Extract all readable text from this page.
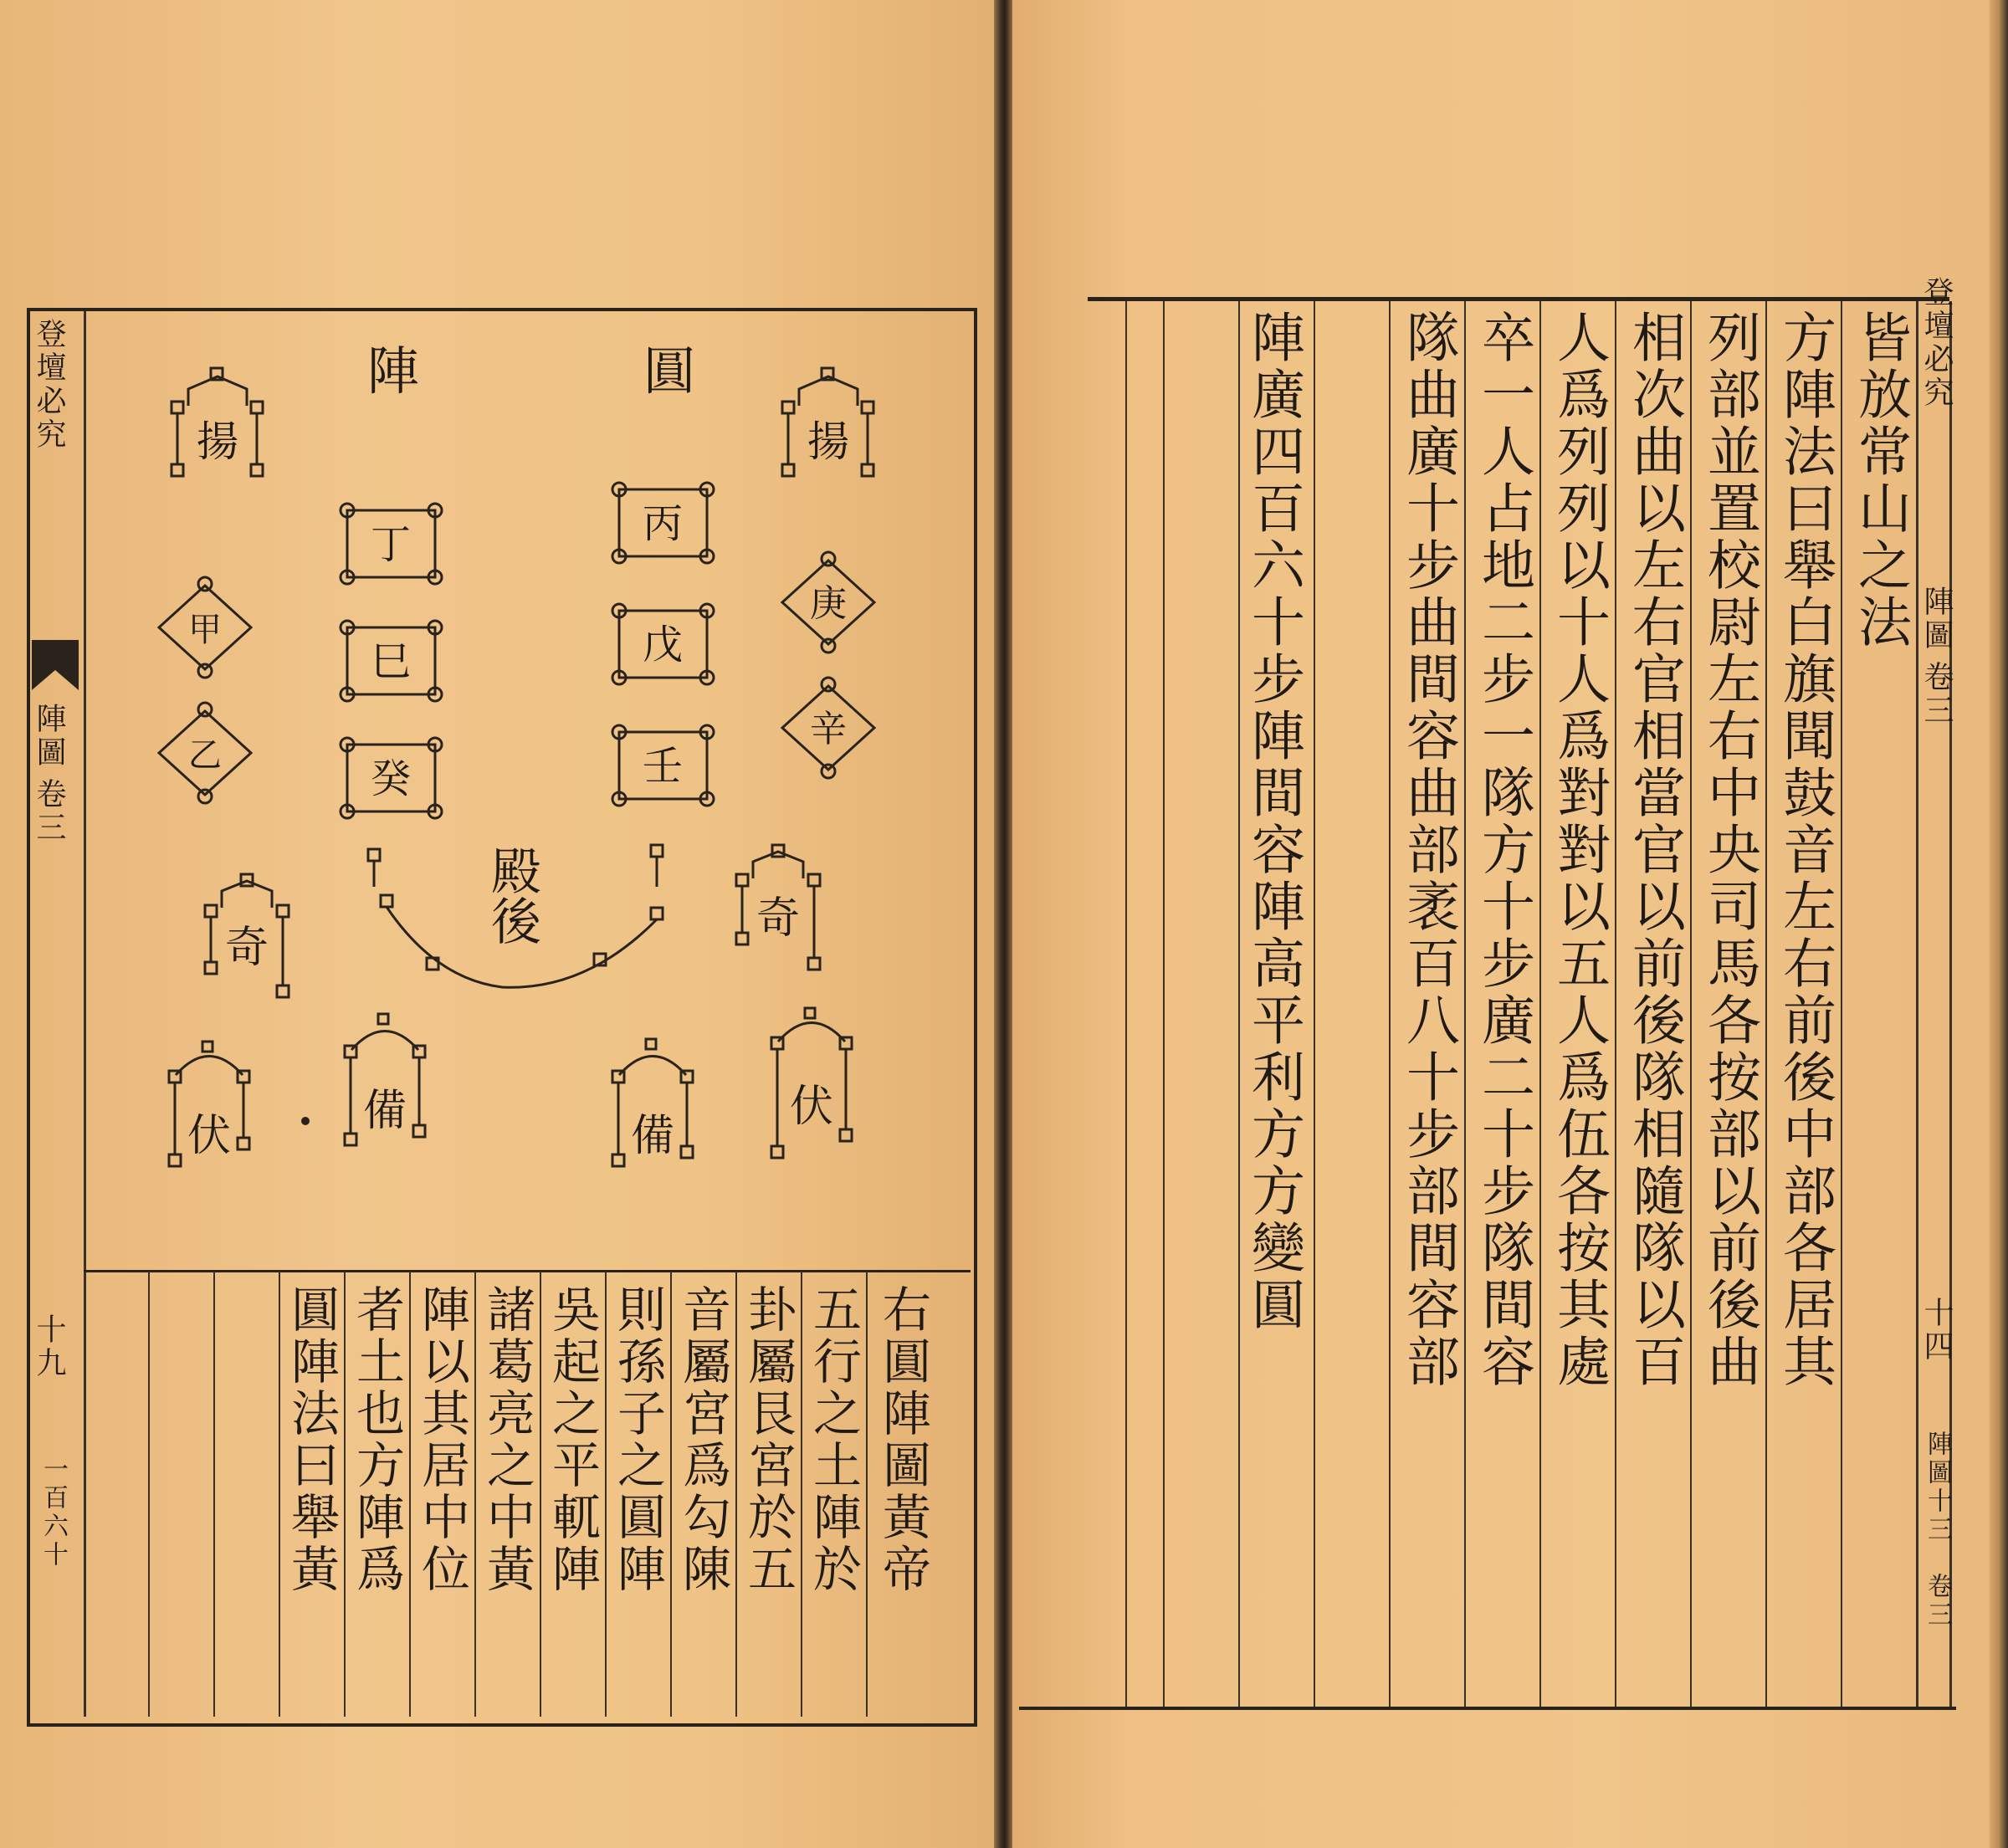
登壇必究
陣圖
卷三
十九
一百六十
圓
陣
揚
揚
庚
辛
甲
乙
丙
戊
壬
丁
巳
癸
奇
奇
伏
伏	備
備
殿後
右圓陣圖黃帝
五行之土陣於
卦屬艮宮於五
音屬宮爲勾陳
則孫子之圓陣
吳起之平軏陣
諸葛亮之中黃
陣以其居中位
者土也方陣爲
圓陣法曰舉黃
登壇必究
陣圖
卷三
十四
陣圖十三　卷三
皆放常山之法
方陣法曰舉白旗聞鼓音左右前後中部各居其
列部並置校尉左右中央司馬各按部以前後曲
相次曲以左右官相當官以前後隊相隨隊以百
人爲列列以十人爲對對以五人爲伍各按其處
卒一人占地二步一隊方十步廣二十步隊間容
隊曲廣十步曲間容曲部袤百八十步部間容部
陣廣四百六十步陣間容陣高平利方方變圓
